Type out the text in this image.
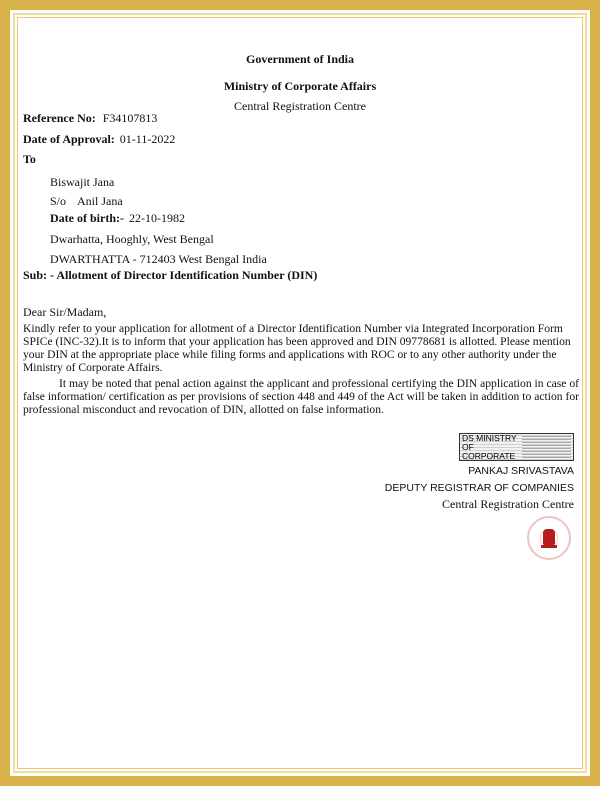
Government of India
Ministry of Corporate Affairs
Central Registration Centre
Reference No: F34107813
Date of Approval: 01-11-2022
To
Biswajit Jana
S/o Anil Jana
Date of birth:- 22-10-1982
Dwarhatta, Hooghly, West Bengal
DWARTHATTA - 712403 West Bengal India
Sub: - Allotment of Director Identification Number (DIN)
Dear Sir/Madam,
Kindly refer to your application for allotment of a Director Identification Number via Integrated Incorporation Form SPICe (INC-32).It is to inform that your application has been approved and DIN 09778681 is allotted. Please mention your DIN at the appropriate place while filing forms and applications with ROC or to any other authority under the Ministry of Corporate Affairs.
It may be noted that penal action against the applicant and professional certifying the DIN application in case of false information/ certification as per provisions of section 448 and 449 of the Act will be taken in addition to action for professional misconduct and revocation of DIN, allotted on false information.
DS MINISTRY OF CORPORATE
PANKAJ SRIVASTAVA
DEPUTY REGISTRAR OF COMPANIES
Central Registration Centre
